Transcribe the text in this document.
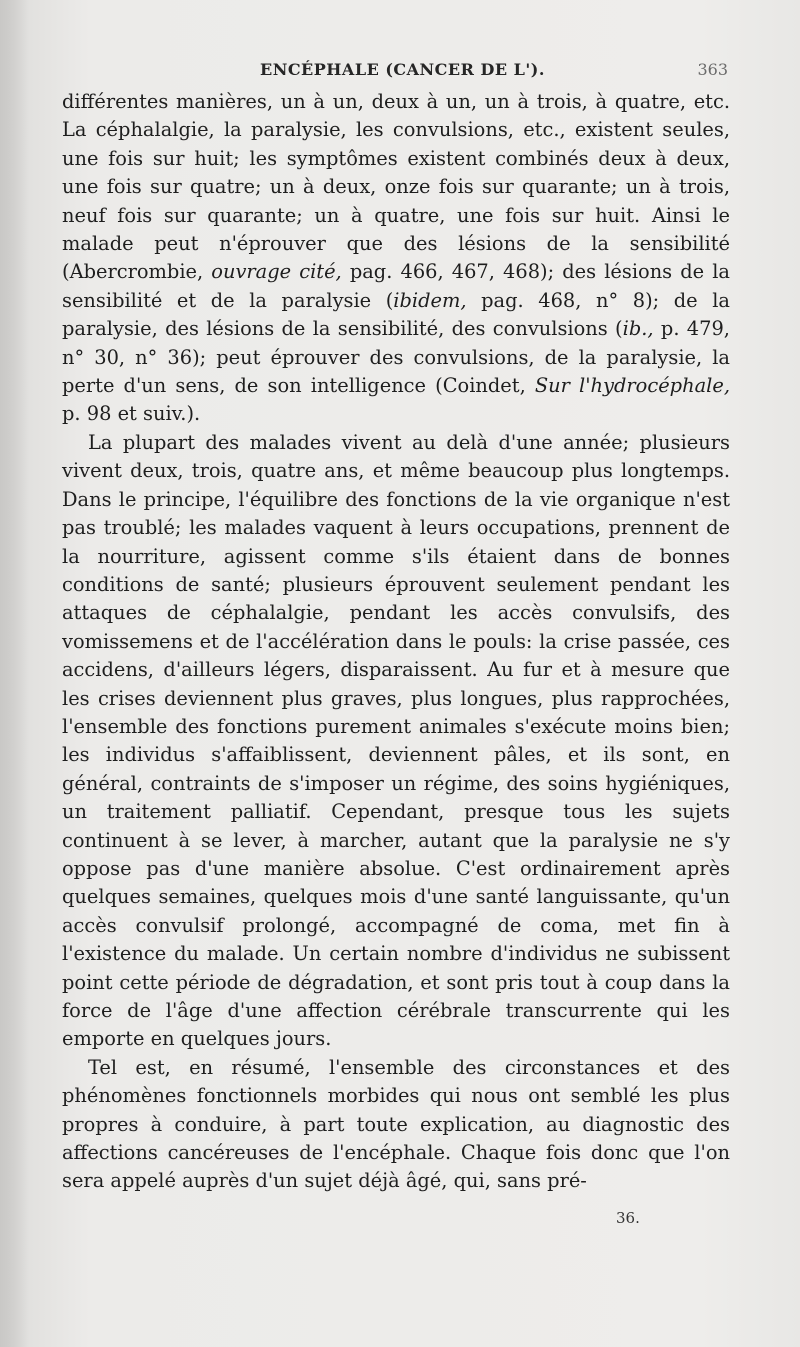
ENCÉPHALE (CANCER DE L').	363

différentes manières, un à un, deux à un, un à trois, à quatre, etc. La céphalalgie, la paralysie, les convulsions, etc., existent seules, une fois sur huit; les symptômes existent combinés deux à deux, une fois sur quatre; un à deux, onze fois sur quarante; un à trois, neuf fois sur quarante; un à quatre, une fois sur huit. Ainsi le malade peut n'éprouver que des lésions de la sensibilité (Abercrombie, ouvrage cité, pag. 466, 467, 468); des lésions de la sensibilité et de la paralysie (ibidem, pag. 468, n° 8); de la paralysie, des lésions de la sensibilité, des convulsions (ib., p. 479, n° 30, n° 36); peut éprouver des convulsions, de la paralysie, la perte d'un sens, de son intelligence (Coindet, Sur l'hydrocéphale, p. 98 et suiv.).

La plupart des malades vivent au delà d'une année; plusieurs vivent deux, trois, quatre ans, et même beaucoup plus longtemps. Dans le principe, l'équilibre des fonctions de la vie organique n'est pas troublé; les malades vaquent à leurs occupations, prennent de la nourriture, agissent comme s'ils étaient dans de bonnes conditions de santé; plusieurs éprouvent seulement pendant les attaques de céphalalgie, pendant les accès convulsifs, des vomissemens et de l'accélération dans le pouls: la crise passée, ces accidens, d'ailleurs légers, disparaissent. Au fur et à mesure que les crises deviennent plus graves, plus longues, plus rapprochées, l'ensemble des fonctions purement animales s'exécute moins bien; les individus s'affaiblissent, deviennent pâles, et ils sont, en général, contraints de s'imposer un régime, des soins hygiéniques, un traitement palliatif. Cependant, presque tous les sujets continuent à se lever, à marcher, autant que la paralysie ne s'y oppose pas d'une manière absolue. C'est ordinairement après quelques semaines, quelques mois d'une santé languissante, qu'un accès convulsif prolongé, accompagné de coma, met fin à l'existence du malade. Un certain nombre d'individus ne subissent point cette période de dégradation, et sont pris tout à coup dans la force de l'âge d'une affection cérébrale transcurrente qui les emporte en quelques jours.

Tel est, en résumé, l'ensemble des circonstances et des phénomènes fonctionnels morbides qui nous ont semblé les plus propres à conduire, à part toute explication, au diagnostic des affections cancéreuses de l'encéphale. Chaque fois donc que l'on sera appelé auprès d'un sujet déjà âgé, qui, sans pré-

36.
